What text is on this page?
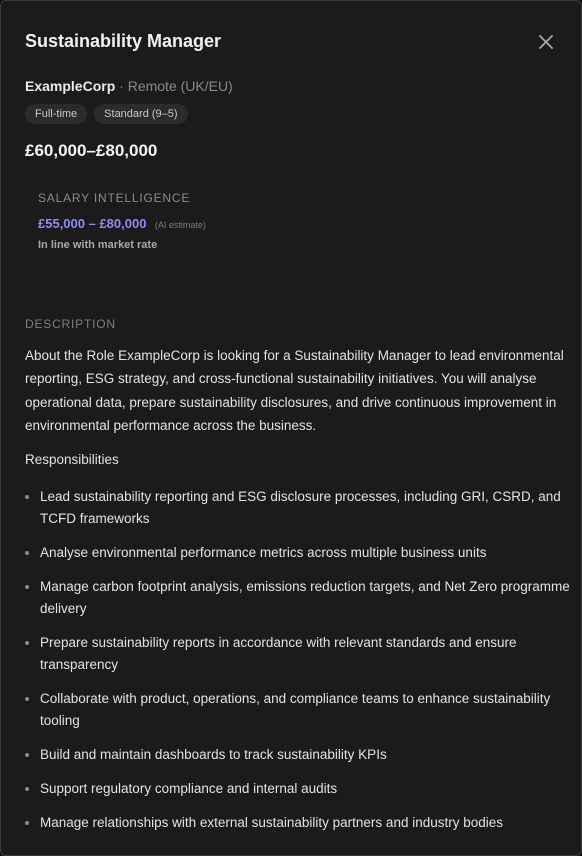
Sustainability Manager
ExampleCorp · Remote (UK/EU)
Full-time	Standard (9–5)
£60,000–£80,000
SALARY INTELLIGENCE
£55,000 – £80,000 (AI estimate)
In line with market rate
DESCRIPTION

About the Role ExampleCorp is looking for a Sustainability Manager to lead environmental reporting, ESG strategy, and cross-functional sustainability initiatives. You will analyse operational data, prepare sustainability disclosures, and drive continuous improvement in environmental performance across the business.

Responsibilities
Lead sustainability reporting and ESG disclosure processes, including GRI, CSRD, and TCFD frameworks
Analyse environmental performance metrics across multiple business units
Manage carbon footprint analysis, emissions reduction targets, and Net Zero programme delivery
Prepare sustainability reports in accordance with relevant standards and ensure transparency
Collaborate with product, operations, and compliance teams to enhance sustainability tooling
Build and maintain dashboards to track sustainability KPIs
Support regulatory compliance and internal audits
Manage relationships with external sustainability partners and industry bodies
